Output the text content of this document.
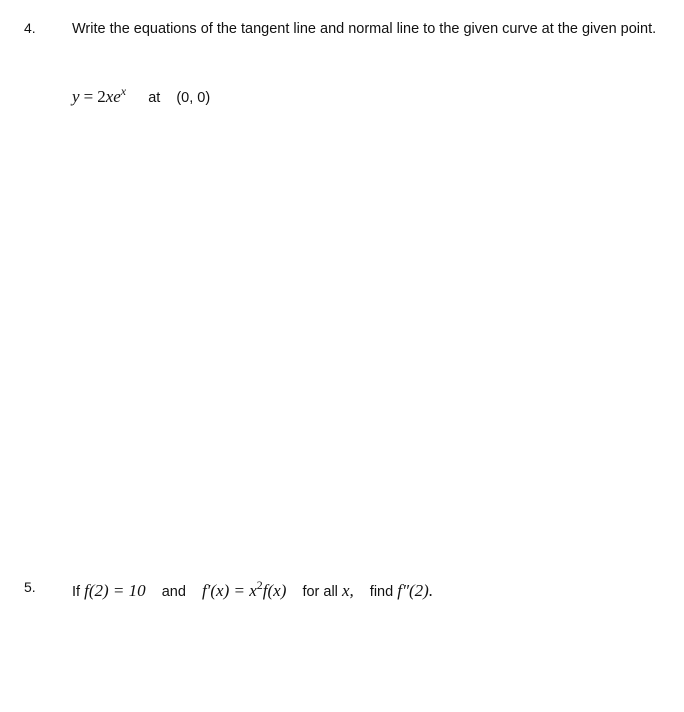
4.	Write the equations of the tangent line and normal line to the given curve at the given point.
$y = 2xe^x$ at (0, 0)
5.	If f(2) = 10 and $f'(x) = x^2f(x)$ for all x, find f″(2).
